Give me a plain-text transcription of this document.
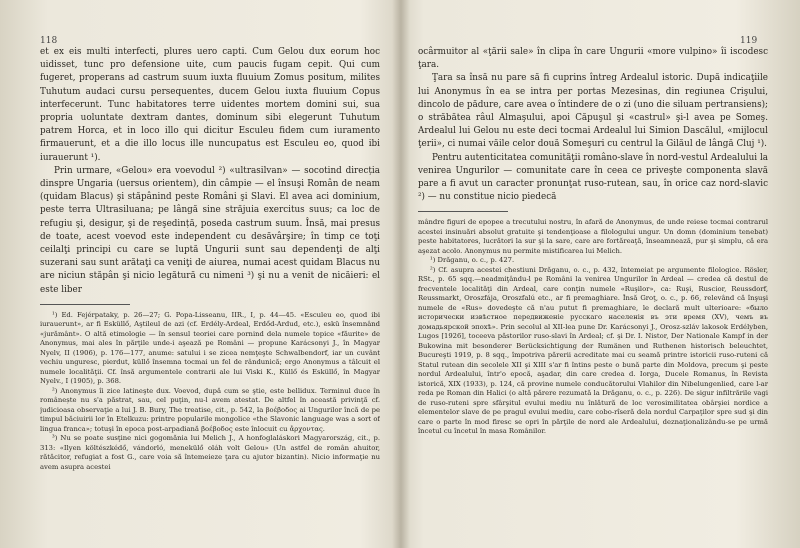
118	119

et ex eis multi interfecti, plures uero capti. Cum Gelou dux eorum hoc uidisset, tunc pro defensione uite, cum paucis fugam cepit. Qui cum fugeret, properans ad castrum suum iuxta fluuium Zomus positum, milites Tuhutum audaci cursu persequentes, ducem Gelou iuxta fluuium Copus interfecerunt. Tunc habitatores terre uidentes mortem domini sui, sua propria uoluntate dextram dantes, dominum sibi elegerunt Tuhutum patrem Horca, et in loco illo qui dicitur Esculeu fidem cum iuramento firmauerunt, et a die illo locus ille nuncupatus est Esculeu eo, quod ibi iurauerunt ¹).

Prin urmare, «Gelou» era voevodul ²) «ultrasilvan» — socotind direcția dinspre Ungaria (uersus orientem), din câmpie — el însuşi Român de neam (quidam Blacus) şi stăpânind peste Români şi Slavi. El avea aci dominium, peste terra Ultrasiluana; pe lângă sine străjuia exercitus suus; ca loc de refugiu şi, desigur, şi de reşedință, poseda castrum suum. Însă, mai presus de toate, acest voevod este independent cu desăvârşire; în timp ce toţi ceilalţi principi cu care se luptă Ungurii sunt sau dependenţi de alţi suzerani sau sunt arătaţi ca veniţi de aiurea, numai acest quidam Blacus nu are niciun stăpân şi nicio legătură cu nimeni ³) şi nu a venit de nicăieri: el este liber

¹) Ed. Fejérpataky, p. 26—27; G. Popa-Lisseanu, IIR., I, p. 44—45. «Esculeu eo, quod ibi iurauerunt», ar fi Esküllő, Aştileul de azi (cf. Erdély-Ardeal, Erdőd-Ardud, etc.), eskü însemnând «jurământ». O altă etimologie — în sensul teoriei care pornind dela numele topice «făurite» de Anonymus, mai ales în părţile unde-i aşează pe Români — propune Karácsonyi J., în Magyar Nyelv, II (1906), p. 176—177, anume: satului i se zicea nemţeşte Schwalbendorf, iar un cuvânt vechiu unguresc, pierdut, küllő însemna tocmai un fel de rândunică; ergo Anonymus a tâlcuit el numele localităţii. Cf. însă argumentele contrarii ale lui Viski K., Küllő és Esküllő, în Magyar Nyelv., I (1905), p. 368.

²) Anonymus îi zice latineşte dux. Voevod, după cum se ştie, este bellidux. Terminul duce în românește nu s'a păstrat, sau, cel puţin, nu-l avem atestat. De altfel în această privinţă cf. judicioasa observaţie a lui J. B. Bury, The treatise, cit., p. 542, la βοέβοδος ai Ungurilor încă de pe timpul băciuirii lor în Etelkuzu: printre popularile mongolice «the Slavonic language was a sort of lingua franca»; totuşi în epoca post-arpadiană βοέβοδος este înlocuit cu ἄρχοντας.

³) Nu se poate susţine nici gogomănia lui Melich J., A honfoglaláskori Magyarország, cit., p. 313: «Ilyen költészkédő, vándorló, menekülő oláh volt Gelou» (Un astfel de român ahuitor, rătăcitor, refugiat a fost G., care voia să întemeieze ţara cu ajutor bizantin). Nicio informaţie nu avem asupra acestei

ocârmuitor al «ţării sale» în clipa în care Ungurii «more vulpino» îi iscodesc ţara.

Ţara sa însă nu pare să fi cuprins întreg Ardealul istoric. După indicaţiile lui Anonymus în ea se intra per portas Mezesinas, din regiunea Crişului, dincolo de pădure, care avea o întindere de o zi (uno die siluam pertransiens); o străbătea râul Almaşului, apoi Căpuşul şi «castrul» şi-l avea pe Someş. Ardealul lui Gelou nu este deci tocmai Ardealul lui Simion Dascălul, «mijlocul ţerii», ci numai văile celor două Someşuri cu centrul la Gilăul de lângă Cluj ¹).

Pentru autenticitatea comunităţii româno-slave în nord-vestul Ardealului la venirea Ungurilor — comunitate care în ceea ce priveşte componenta slavă pare a fi avut un caracter pronunţat ruso-rutean, sau, în orice caz nord-slavic ²) — nu constitue nicio piedecă

mândre figuri de epopee a trecutului nostru, în afară de Anonymus, de unde reiese tocmai contrarul acestei insinuări absolut gratuite şi tendenţioase a filologului ungur. Un domn (dominium tenebat) peste habitatores, lucrători la sur şi la sare, care are fortăreaţă, înseamnează, pur şi simplu, că era aşezat acolo. Anonymus nu permite mistificarea lui Melich.

¹) Drăganu, o. c., p. 427.

²) Cf. asupra acestei chestiuni Drăganu, o. c., p. 432, întemeiat pe argumente filologice. Rösler, RSt., p. 65 sqq.—neadmiţându-l pe Români la venirea Ungurilor în Ardeal — credea că destul de frecventele localităţi din Ardeal, care conţin numele «Ruşilor», ca: Ruşi, Ruscior, Reussdorf, Reussmarkt, Oroszfája, Oroszfalú etc., ar fi premaghiare. Însă Groţ, o. c., p. 66, relevând că înşuşi numele de «Rus» dovedeşte că n'au putut fi premaghiare, le declară mult ulterioare: «было исторически извѣстное передвиженіе русскаго населенія въ эти время (XV), чемъ въ домадьярской эпохѣ». Prin secolul al XII-lea pune Dr. Karácsonyi J., Orosz-szláv lakosok Erdélyben, Lugos [1926], toceeva păstorilor ruso-slavi în Ardeal; cf. şi Dr. I. Nistor, Der Nationale Kampf in der Bukowina mit besonderer Berücksichtigung der Rumänen und Ruthenen historisch beleuchtet, Bucureşti 1919, p. 8 sqq., împotriva părerii acreditate mai cu seamă printre istoricii ruso-ruteni că Statul rutean din secolele XII şi XIII s'ar fi întins peste o bună parte din Moldova, precum şi peste nordul Ardealului, într'o epocă, aşadar, din care credea d. Iorga, Ducele Romanus, în Revista istorică, XIX (1933), p. 124, că provine numele conducătorului Vlahilor din Nibelungenlied, care l-ar reda pe Roman din Halici (o altă părere rezumată la Drăganu, o. c., p. 226). De sigur infiltrările vagi de ruso-ruteni spre sfârşitul evului mediu nu înlătură de loc verosimilitatea obârşiei nordice a elementelor slave de pe pragul evului mediu, care cobo-rîseră dela nordul Carpaţilor spre sud şi din care o parte în mod firesc se opri în părţile de nord ale Ardealului, deznaţionalizându-se pe urmă încetul cu încetul în masa Românilor.
